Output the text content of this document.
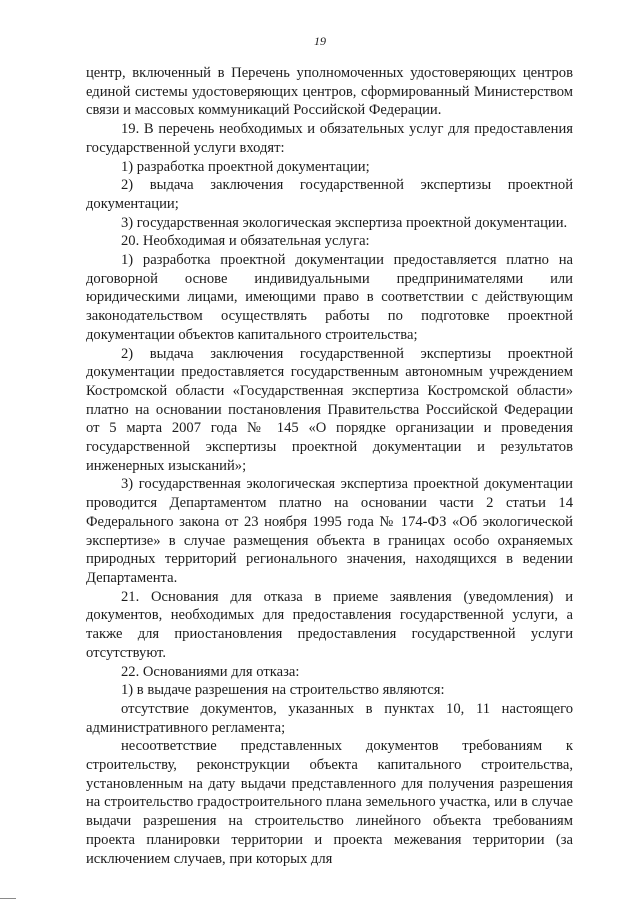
19

центр, включенный в Перечень уполномоченных удостоверяющих центров единой системы удостоверяющих центров, сформированный Министерством связи и массовых коммуникаций Российской Федерации.

19. В перечень необходимых и обязательных услуг для предоставления государственной услуги входят:

1) разработка проектной документации;

2) выдача заключения государственной экспертизы проектной документации;

3) государственная экологическая экспертиза проектной документации.

20. Необходимая и обязательная услуга:

1) разработка проектной документации предоставляется платно на договорной основе индивидуальными предпринимателями или юридическими лицами, имеющими право в соответствии с действующим законодательством осуществлять работы по подготовке проектной документации объектов капитального строительства;

2) выдача заключения государственной экспертизы проектной документации предоставляется государственным автономным учреждением Костромской области «Государственная экспертиза Костромской области» платно на основании постановления Правительства Российской Федерации от 5 марта 2007 года № 145 «О порядке организации и проведения государственной экспертизы проектной документации и результатов инженерных изысканий»;

3) государственная экологическая экспертиза проектной документации проводится Департаментом платно на основании части 2 статьи 14 Федерального закона от 23 ноября 1995 года № 174-ФЗ «Об экологической экспертизе» в случае размещения объекта в границах особо охраняемых природных территорий регионального значения, находящихся в ведении Департамента.

21. Основания для отказа в приеме заявления (уведомления) и документов, необходимых для предоставления государственной услуги, а также для приостановления предоставления государственной услуги отсутствуют.

22. Основаниями для отказа:

1) в выдаче разрешения на строительство являются:

отсутствие документов, указанных в пунктах 10, 11 настоящего административного регламента;

несоответствие представленных документов требованиям к строительству, реконструкции объекта капитального строительства, установленным на дату выдачи представленного для получения разрешения на строительство градостроительного плана земельного участка, или в случае выдачи разрешения на строительство линейного объекта требованиям проекта планировки территории и проекта межевания территории (за исключением случаев, при которых для
